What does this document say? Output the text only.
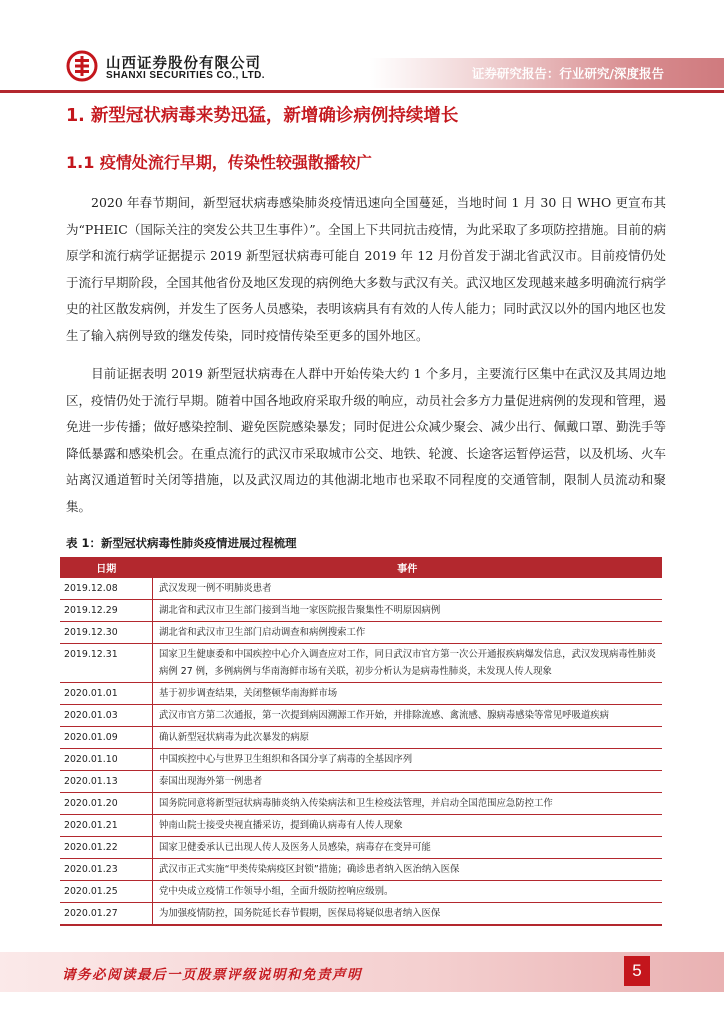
山西证券股份有限公司
SHANXI SECURITIES CO., LTD.	证券研究报告：行业研究/深度报告
1. 新型冠状病毒来势迅猛，新增确诊病例持续增长
1.1 疫情处流行早期，传染性较强散播较广
2020 年春节期间，新型冠状病毒感染肺炎疫情迅速向全国蔓延，当地时间 1 月 30 日 WHO 更宣布其为“PHEIC（国际关注的突发公共卫生事件）”。全国上下共同抗击疫情，为此采取了多项防控措施。目前的病原学和流行病学证据提示 2019 新型冠状病毒可能自 2019 年 12 月份首发于湖北省武汉市。目前疫情仍处于流行早期阶段，全国其他省份及地区发现的病例绝大多数与武汉有关。武汉地区发现越来越多明确流行病学史的社区散发病例，并发生了医务人员感染，表明该病具有有效的人传人能力；同时武汉以外的国内地区也发生了输入病例导致的继发传染，同时疫情传染至更多的国外地区。
目前证据表明 2019 新型冠状病毒在人群中开始传染大约 1 个多月，主要流行区集中在武汉及其周边地区，疫情仍处于流行早期。随着中国各地政府采取升级的响应，动员社会多方力量促进病例的发现和管理，遏免进一步传播；做好感染控制、避免医院感染暴发；同时促进公众减少聚会、减少出行、佩戴口罩、勤洗手等降低暴露和感染机会。在重点流行的武汉市采取城市公交、地铁、轮渡、长途客运暂停运营，以及机场、火车站离汉通道暂时关闭等措施，以及武汉周边的其他湖北地市也采取不同程度的交通管制，限制人员流动和聚集。
表 1：新型冠状病毒性肺炎疫情进展过程梳理
日期	事件
2019.12.08	武汉发现一例不明肺炎患者
2019.12.29	湖北省和武汉市卫生部门接到当地一家医院报告聚集性不明原因病例
2019.12.30	湖北省和武汉市卫生部门启动调查和病例搜索工作
2019.12.31	国家卫生健康委和中国疾控中心介入调查应对工作，同日武汉市官方第一次公开通报疾病爆发信息，武汉发现病毒性肺炎病例 27 例，多例病例与华南海鲜市场有关联，初步分析认为是病毒性肺炎，未发现人传人现象
2020.01.01	基于初步调查结果，关闭整顿华南海鲜市场
2020.01.03	武汉市官方第二次通报，第一次提到病因溯源工作开始，并排除流感、禽流感、腺病毒感染等常见呼吸道疾病
2020.01.09	确认新型冠状病毒为此次暴发的病原
2020.01.10	中国疾控中心与世界卫生组织和各国分享了病毒的全基因序列
2020.01.13	泰国出现海外第一例患者
2020.01.20	国务院同意将新型冠状病毒肺炎纳入传染病法和卫生检疫法管理，并启动全国范围应急防控工作
2020.01.21	钟南山院士接受央视直播采访，提到确认病毒有人传人现象
2020.01.22	国家卫健委承认已出现人传人及医务人员感染，病毒存在变异可能
2020.01.23	武汉市正式实施“甲类传染病疫区封锁”措施；确诊患者纳入医治纳入医保
2020.01.25	党中央成立疫情工作领导小组，全面升级防控响应级别。
2020.01.27	为加强疫情防控，国务院延长春节假期，医保局将疑似患者纳入医保
请务必阅读最后一页股票评级说明和免责声明	5
